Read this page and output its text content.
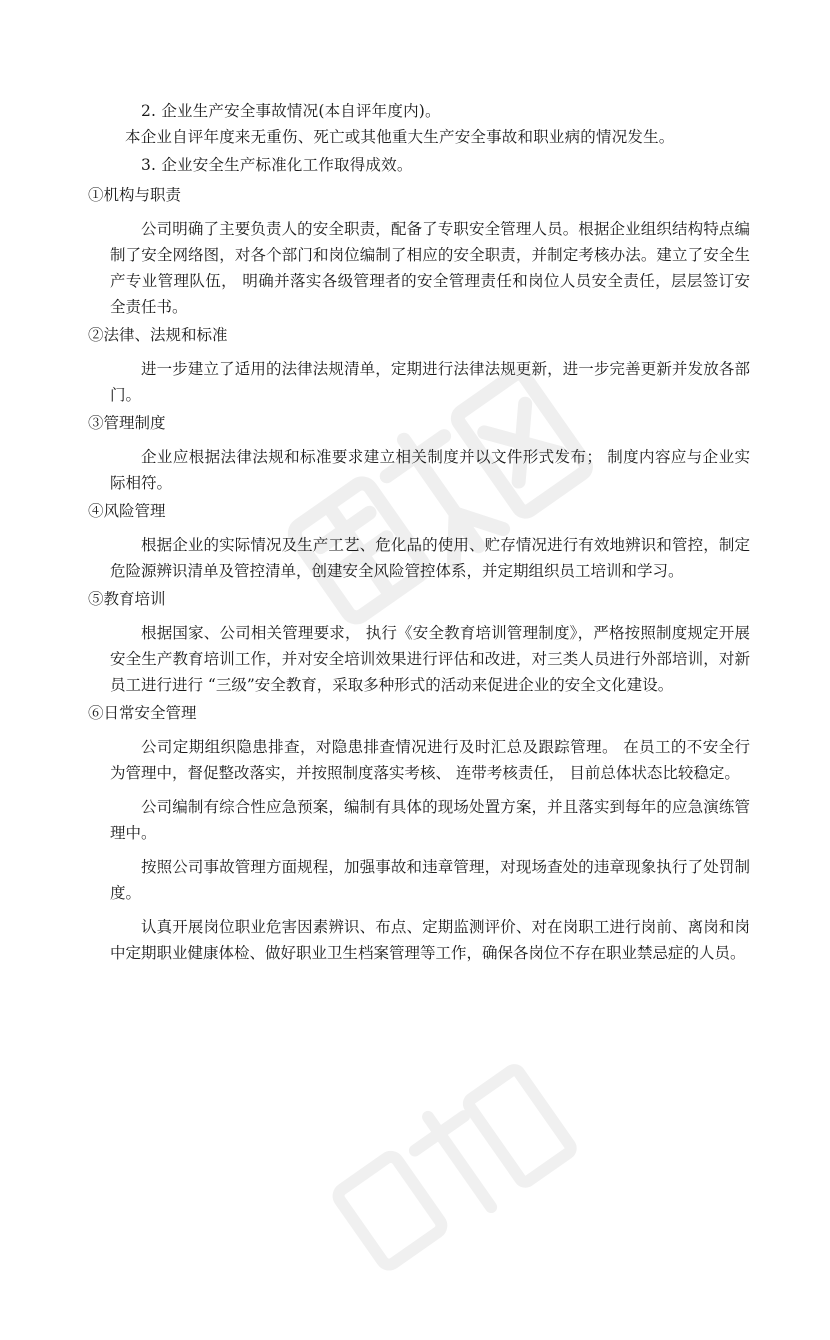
2. 企业生产安全事故情况(本自评年度内)。
本企业自评年度来无重伤、死亡或其他重大生产安全事故和职业病的情况发生。
3. 企业安全生产标准化工作取得成效。
①机构与职责

公司明确了主要负责人的安全职责，配备了专职安全管理人员。根据企业组织结构特点编制了安全网络图，对各个部门和岗位编制了相应的安全职责，并制定考核办法。建立了安全生产专业管理队伍， 明确并落实各级管理者的安全管理责任和岗位人员安全责任，层层签订安全责任书。

②法律、法规和标准

进一步建立了适用的法律法规清单，定期进行法律法规更新，进一步完善更新并发放各部门。

③管理制度

企业应根据法律法规和标准要求建立相关制度并以文件形式发布； 制度内容应与企业实际相符。

④风险管理

根据企业的实际情况及生产工艺、危化品的使用、贮存情况进行有效地辨识和管控，制定危险源辨识清单及管控清单，创建安全风险管控体系，并定期组织员工培训和学习。

⑤教育培训

根据国家、公司相关管理要求， 执行《安全教育培训管理制度》，严格按照制度规定开展安全生产教育培训工作，并对安全培训效果进行评估和改进，对三类人员进行外部培训，对新员工进行进行 “三级”安全教育，采取多种形式的活动来促进企业的安全文化建设。

⑥日常安全管理

公司定期组织隐患排查，对隐患排查情况进行及时汇总及跟踪管理。 在员工的不安全行为管理中，督促整改落实，并按照制度落实考核、 连带考核责任， 目前总体状态比较稳定。

公司编制有综合性应急预案，编制有具体的现场处置方案，并且落实到每年的应急演练管理中。

按照公司事故管理方面规程，加强事故和违章管理，对现场查处的违章现象执行了处罚制度。

认真开展岗位职业危害因素辨识、布点、定期监测评价、对在岗职工进行岗前、离岗和岗中定期职业健康体检、做好职业卫生档案管理等工作，确保各岗位不存在职业禁忌症的人员。
